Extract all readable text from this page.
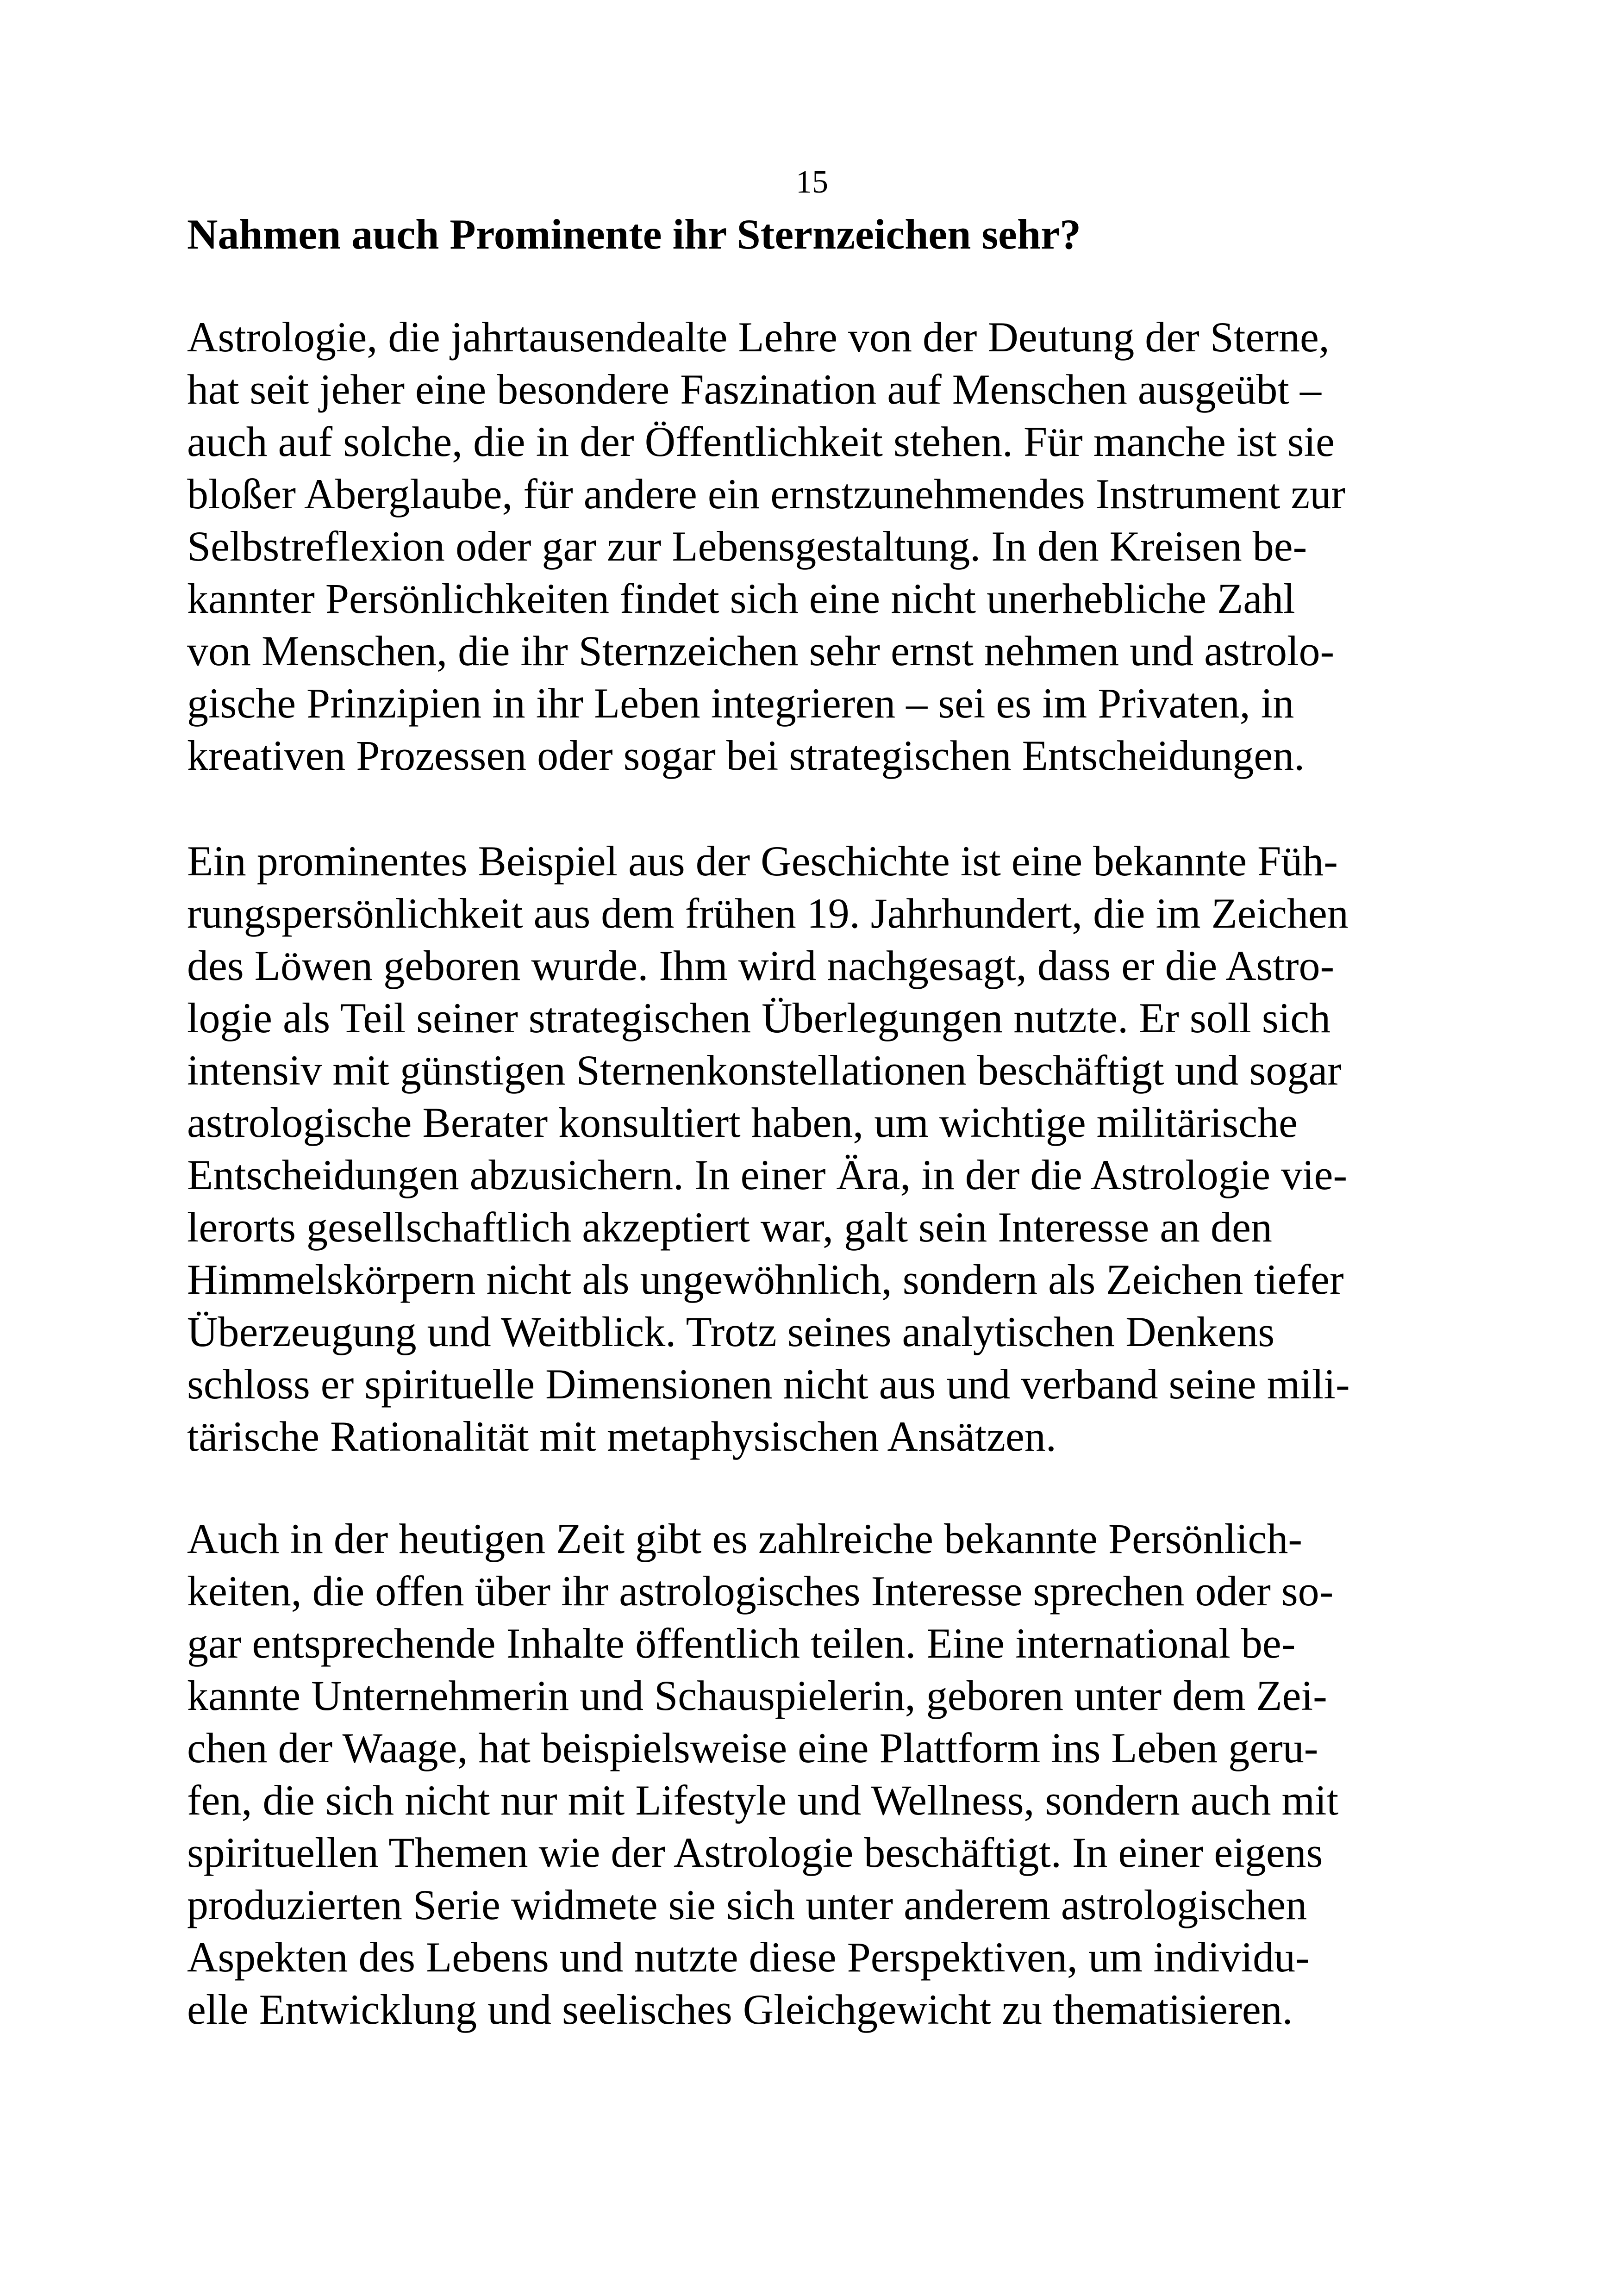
15
Nahmen auch Prominente ihr Sternzeichen sehr?
Astrologie, die jahrtausendealte Lehre von der Deutung der Sterne,
hat seit jeher eine besondere Faszination auf Menschen ausgeübt –
auch auf solche, die in der Öffentlichkeit stehen. Für manche ist sie
bloßer Aberglaube, für andere ein ernstzunehmendes Instrument zur
Selbstreflexion oder gar zur Lebensgestaltung. In den Kreisen be-
kannter Persönlichkeiten findet sich eine nicht unerhebliche Zahl
von Menschen, die ihr Sternzeichen sehr ernst nehmen und astrolo-
gische Prinzipien in ihr Leben integrieren – sei es im Privaten, in
kreativen Prozessen oder sogar bei strategischen Entscheidungen.
Ein prominentes Beispiel aus der Geschichte ist eine bekannte Füh-
rungspersönlichkeit aus dem frühen 19. Jahrhundert, die im Zeichen
des Löwen geboren wurde. Ihm wird nachgesagt, dass er die Astro-
logie als Teil seiner strategischen Überlegungen nutzte. Er soll sich
intensiv mit günstigen Sternenkonstellationen beschäftigt und sogar
astrologische Berater konsultiert haben, um wichtige militärische
Entscheidungen abzusichern. In einer Ära, in der die Astrologie vie-
lerorts gesellschaftlich akzeptiert war, galt sein Interesse an den
Himmelskörpern nicht als ungewöhnlich, sondern als Zeichen tiefer
Überzeugung und Weitblick. Trotz seines analytischen Denkens
schloss er spirituelle Dimensionen nicht aus und verband seine mili-
tärische Rationalität mit metaphysischen Ansätzen.
Auch in der heutigen Zeit gibt es zahlreiche bekannte Persönlich-
keiten, die offen über ihr astrologisches Interesse sprechen oder so-
gar entsprechende Inhalte öffentlich teilen. Eine international be-
kannte Unternehmerin und Schauspielerin, geboren unter dem Zei-
chen der Waage, hat beispielsweise eine Plattform ins Leben geru-
fen, die sich nicht nur mit Lifestyle und Wellness, sondern auch mit
spirituellen Themen wie der Astrologie beschäftigt. In einer eigens
produzierten Serie widmete sie sich unter anderem astrologischen
Aspekten des Lebens und nutzte diese Perspektiven, um individu-
elle Entwicklung und seelisches Gleichgewicht zu thematisieren.
